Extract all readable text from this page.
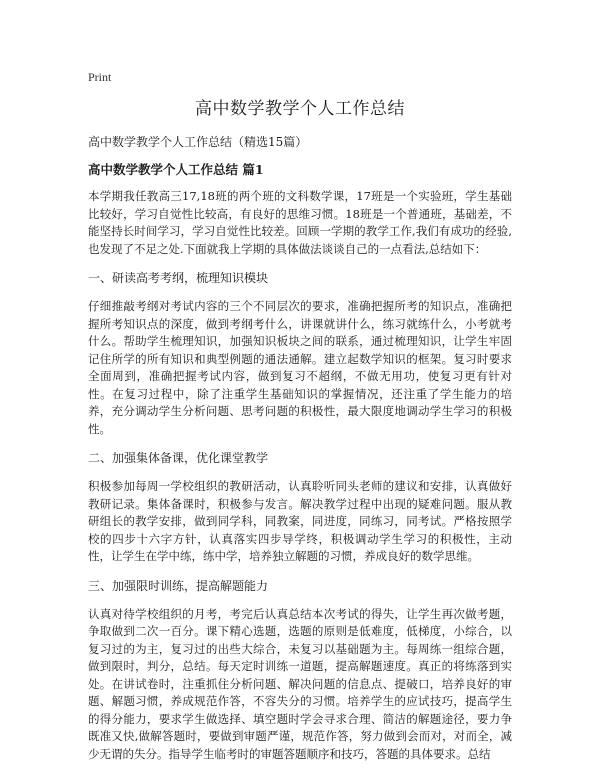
Print
高中数学教学个人工作总结
高中数学教学个人工作总结（精选15篇）
高中数学教学个人工作总结 篇1

本学期我任教高三17,18班的两个班的文科数学课，17班是一个实验班，学生基础比较好，学习自觉性比较高，有良好的思维习惯。18班是一个普通班，基础差，不能坚持长时间学习，学习自觉性比较差。回顾一学期的教学工作,我们有成功的经验,也发现了不足之处.下面就我上学期的具体做法谈谈自己的一点看法,总结如下：

一、研读高考考纲，梳理知识模块

仔细推敲考纲对考试内容的三个不同层次的要求，准确把握所考的知识点，准确把握所考知识点的深度，做到考纲考什么，讲课就讲什么，练习就练什么，小考就考什么。帮助学生梳理知识，加强知识板块之间的联系，通过梳理知识，让学生牢固记住所学的所有知识和典型例题的通法通解。建立起数学知识的框架。复习时要求全面周到，准确把握考试内容，做到复习不超纲，不做无用功，使复习更有针对性。在复习过程中，除了注重学生基础知识的掌握情况，还注重了学生能力的培养，充分调动学生分析问题、思考问题的积极性，最大限度地调动学生学习的积极性。

二、加强集体备课，优化课堂教学

积极参加每周一学校组织的教研活动，认真聆听同头老师的建议和安排，认真做好教研记录。集体备课时，积极参与发言。解决教学过程中出现的疑难问题。服从教研组长的教学安排，做到同学科，同教案，同进度，同练习，同考试。严格按照学校的四步十六字方针，认真落实四步导学终，积极调动学生学习的积极性，主动性，让学生在学中练，练中学，培养独立解题的习惯，养成良好的数学思维。

三、加强限时训练，提高解题能力

认真对待学校组织的月考，考完后认真总结本次考试的得失，让学生再次做考题，争取做到二次一百分。课下精心选题，选题的原则是低难度，低梯度，小综合，以复习过的为主，复习过的出些大综合，未复习以基础题为主。每周练一组综合题，做到限时，判分，总结。每天定时训练一道题，提高解题速度。真正的将练落到实处。在讲试卷时，注重抓住分析问题、解决问题的信息点、提破口，培养良好的审题、解题习惯，养成规范作答，不容失分的习惯。培养学生的应试技巧，提高学生的得分能力，要求学生做选择、填空题时学会寻求合理、简洁的解题途径，要力争既准又快,做解答题时，要做到审题严谨，规范作答，努力做到会而对，对而全，减少无谓的失分。指导学生临考时的审题答题顺序和技巧，答题的具体要求。总结
